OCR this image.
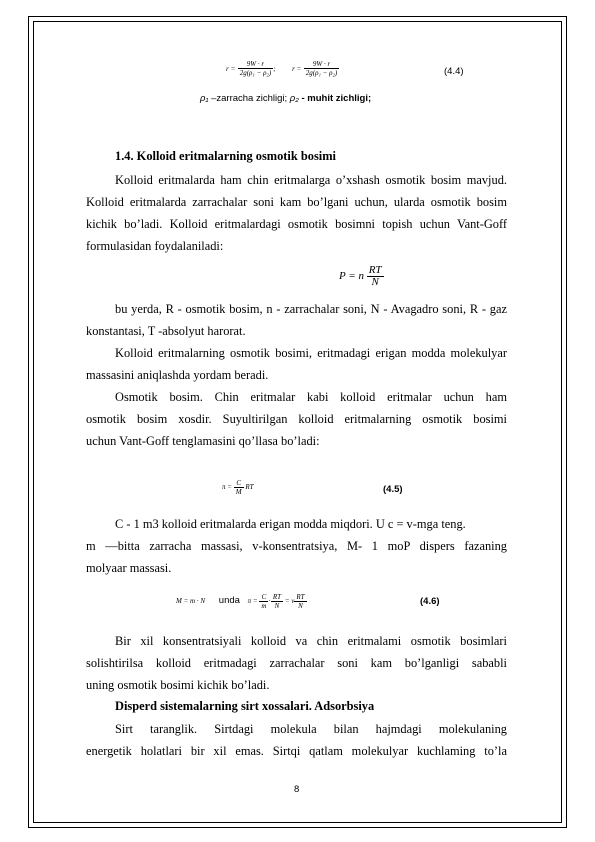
$r = \frac{9W \cdot r}{\text{2g(ρ₁ − ρ₂)}}$ ; $r = \frac{9W \cdot r}{\text{2g(ρ₁ − ρ₂)}}$	(4.4)
ρ₁ –zarracha zichligi; ρ₂ - muhit zichligi;
1.4. Kolloid eritmalarning osmotik bosimi
Kolloid eritmalarda ham chin eritmalarga o’xshash osmotik bosim mavjud.
Kolloid eritmalarda zarrachalar soni kam bo’lgani uchun, ularda osmotik bosim
kichik bo’ladi. Kolloid eritmalardagi osmotik bosimni topish uchun Vant-Goff
formulasidan foydalaniladi:
P = n $\frac{RT}{N}$
bu yerda, R - osmotik bosim, n - zarrachalar soni, N - Avagadro soni, R - gaz
konstantasi, T -absolyut harorat.
Kolloid eritmalarning osmotik bosimi, eritmadagi erigan modda molekulyar
massasini aniqlashda yordam beradi.
Osmotik bosim. Chin eritmalar kabi kolloid eritmalar uchun ham
osmotik bosim xosdir. Suyultirilgan kolloid eritmalarning osmotik bosimi
uchun Vant-Goff tenglamasini qo’llasa bo’ladi:
$\pi = \frac{C}{M}$ RT	(4.5)
C - 1 m3 kolloid eritmalarda erigan modda miqdori. U c = v-mga teng.
m —bitta zarracha massasi, v-konsentratsiya, M- 1 moP dispers fazaning
molyaar massasi.
M = m · N unda $\pi = \frac{C}{m} \cdot \frac{RT}{N} = \nu \frac{RT}{N}$	(4.6)
Bir xil konsentratsiyali kolloid va chin eritmalami osmotik bosimlari
solishtirilsa kolloid eritmadagi zarrachalar soni kam bo’lganligi sababli
uning osmotik bosimi kichik bo’ladi.
Disperd sistemalarning sirt xossalari. Adsorbsiya
Sirt taranglik. Sirtdagi molekula bilan hajmdagi molekulaning
energetik holatlari bir xil emas. Sirtqi qatlam molekulyar kuchlaming to’la
8
